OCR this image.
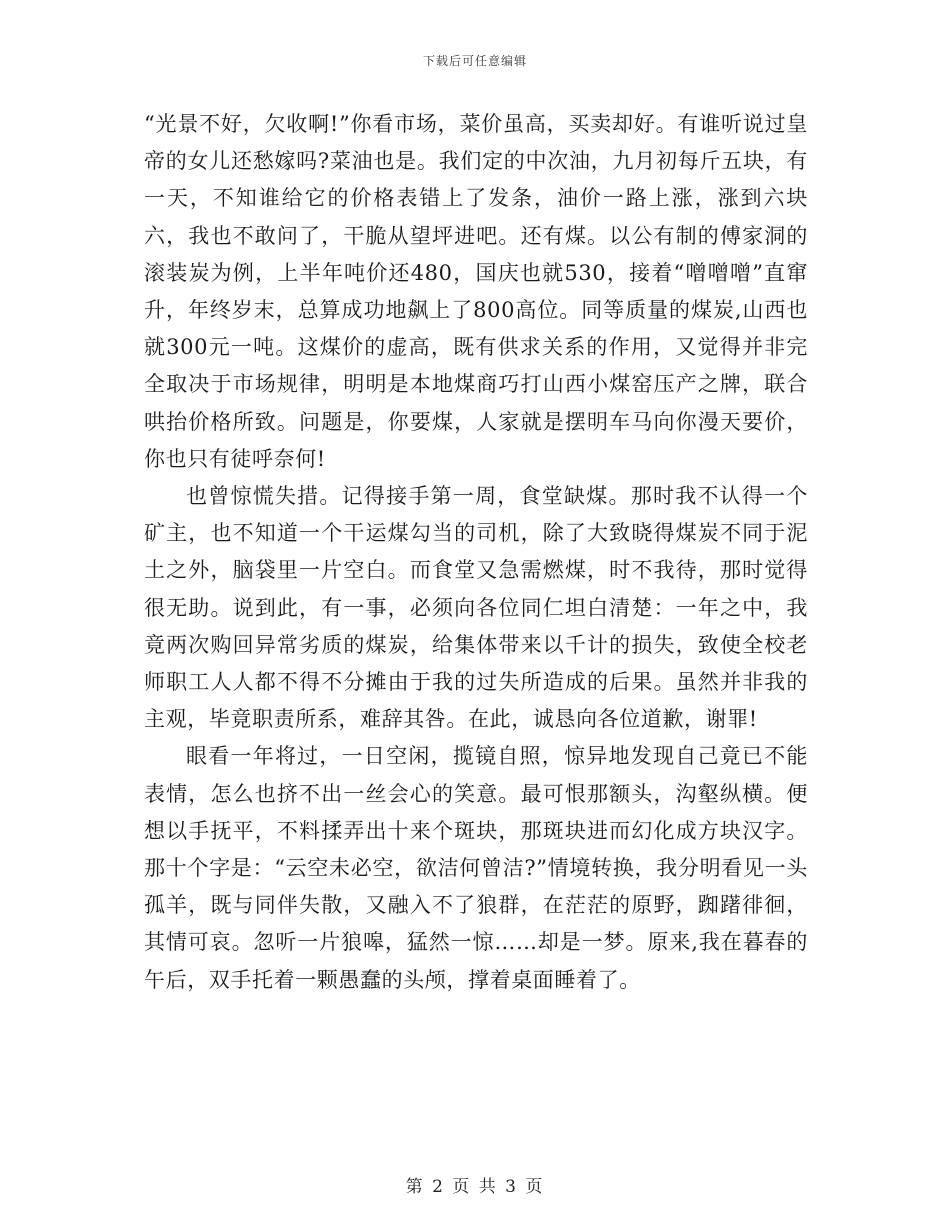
下载后可任意编辑

“光景不好，欠收啊!”你看市场，菜价虽高，买卖却好。有谁听说过皇帝的女儿还愁嫁吗?菜油也是。我们定的中次油，九月初每斤五块，有一天，不知谁给它的价格表错上了发条，油价一路上涨，涨到六块六，我也不敢问了，干脆从望坪进吧。还有煤。以公有制的傅家洞的滚装炭为例，上半年吨价还480，国庆也就530，接着“噌噌噌”直窜升，年终岁末，总算成功地飙上了800高位。同等质量的煤炭,山西也就300元一吨。这煤价的虚高，既有供求关系的作用，又觉得并非完全取决于市场规律，明明是本地煤商巧打山西小煤窑压产之牌，联合哄抬价格所致。问题是，你要煤，人家就是摆明车马向你漫天要价，你也只有徒呼奈何!

也曾惊慌失措。记得接手第一周，食堂缺煤。那时我不认得一个矿主，也不知道一个干运煤勾当的司机，除了大致晓得煤炭不同于泥土之外，脑袋里一片空白。而食堂又急需燃煤，时不我待，那时觉得很无助。说到此，有一事，必须向各位同仁坦白清楚：一年之中，我竟两次购回异常劣质的煤炭，给集体带来以千计的损失，致使全校老师职工人人都不得不分摊由于我的过失所造成的后果。虽然并非我的主观，毕竟职责所系，难辞其咎。在此，诚恳向各位道歉，谢罪!

眼看一年将过，一日空闲，揽镜自照，惊异地发现自己竟已不能表情，怎么也挤不出一丝会心的笑意。最可恨那额头，沟壑纵横。便想以手抚平，不料揉弄出十来个斑块，那斑块进而幻化成方块汉字。那十个字是：“云空未必空，欲洁何曾洁?”情境转换，我分明看见一头孤羊，既与同伴失散，又融入不了狼群，在茫茫的原野，踟躇徘徊，其情可哀。忽听一片狼嗥，猛然一惊……却是一梦。原来,我在暮春的午后，双手托着一颗愚蠢的头颅，撑着桌面睡着了。

第 2 页 共 3 页
